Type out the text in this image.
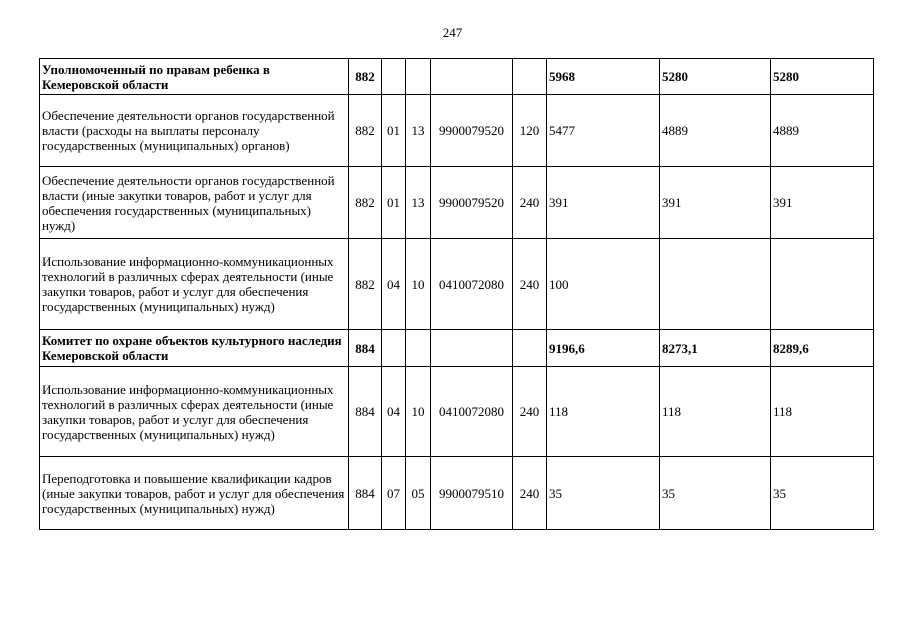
247
Уполномоченный по правам ребенка в Кемеровской области	882					5968	5280	5280
Обеспечение деятельности органов государственной власти (расходы на выплаты персоналу государственных (муниципальных) органов)	882	01	13	9900079520	120	5477	4889	4889
Обеспечение деятельности органов государственной власти (иные закупки товаров, работ и услуг для обеспечения государственных (муниципальных) нужд)	882	01	13	9900079520	240	391	391	391
Использование информационно-коммуникационных технологий в различных сферах деятельности (иные закупки товаров, работ и услуг для обеспечения государственных (муниципальных) нужд)	882	04	10	0410072080	240	100		
Комитет по охране объектов культурного наследия Кемеровской области	884					9196,6	8273,1	8289,6
Использование информационно-коммуникационных технологий в различных сферах деятельности (иные закупки товаров, работ и услуг для обеспечения государственных (муниципальных) нужд)	884	04	10	0410072080	240	118	118	118
Переподготовка и повышение квалификации кадров (иные закупки товаров, работ и услуг для обеспечения государственных (муниципальных) нужд)	884	07	05	9900079510	240	35	35	35
